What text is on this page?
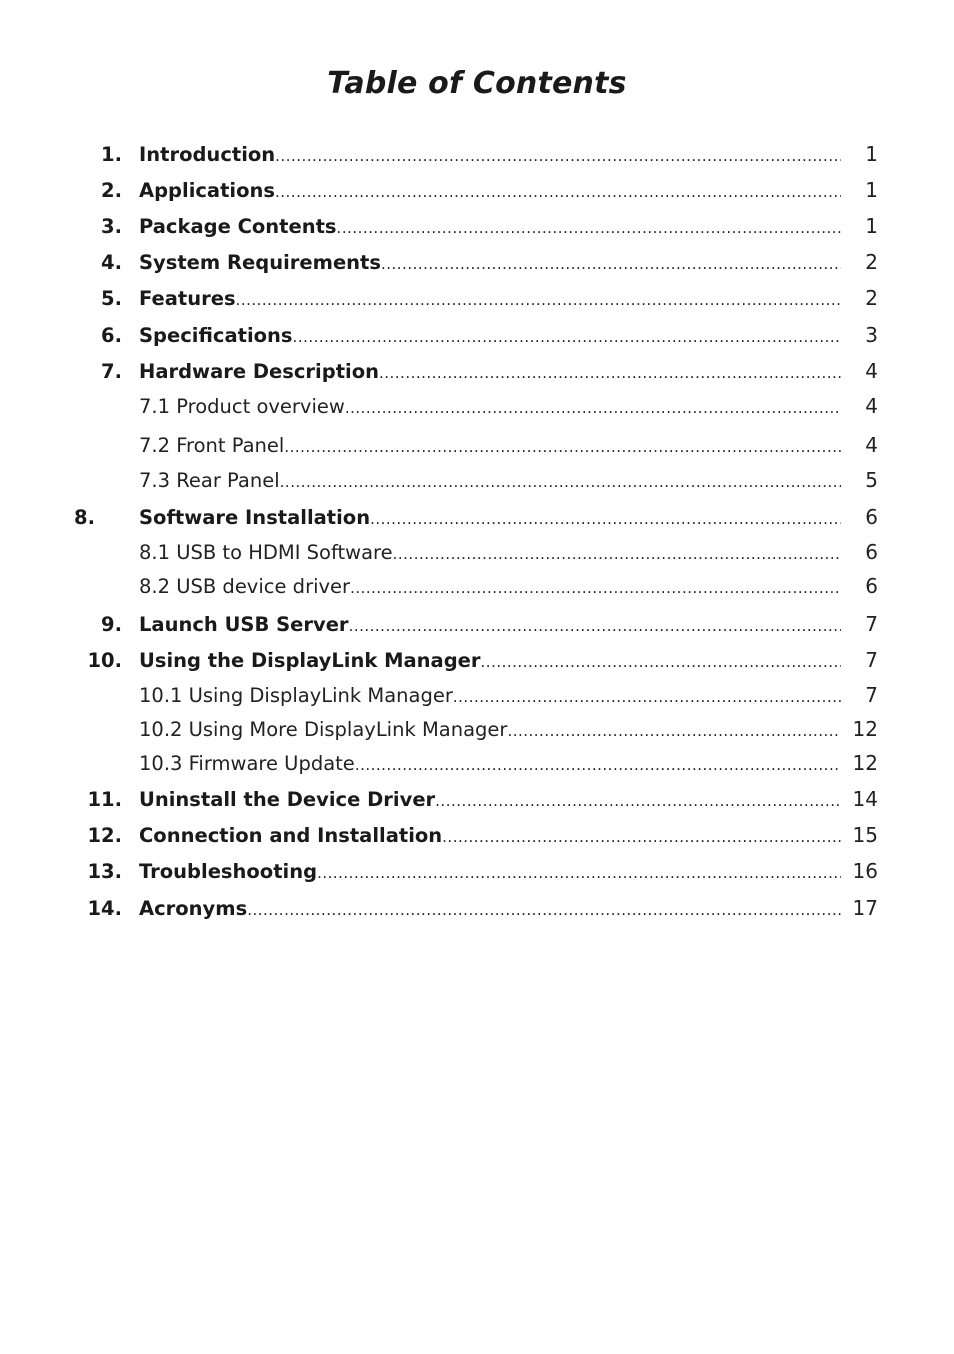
Table of Contents
1. Introduction .....	1
2. Applications .....	1
3. Package Contents .....	1
4. System Requirements .....	2
5. Features .....	2
6. Specifications .....	3
7. Hardware Description .....	4
7.1 Product overview .....	4
7.2 Front Panel .....	4
7.3 Rear Panel .....	5
8.	Software Installation .....	6
8.1 USB to HDMI Software .....	6
8.2 USB device driver .....	6
9. Launch USB Server .....	7
10. Using the DisplayLink Manager .....	7
10.1 Using DisplayLink Manager .....	7
10.2 Using More DisplayLink Manager .....	12
10.3 Firmware Update .....	12
11. Uninstall the Device Driver .....	14
12. Connection and Installation .....	15
13. Troubleshooting .....	16
14. Acronyms .....	17
